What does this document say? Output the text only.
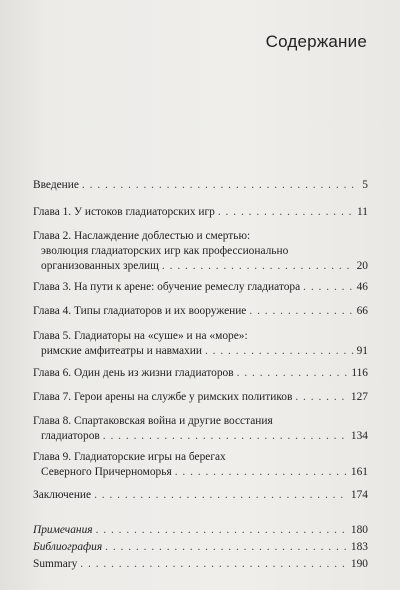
Содержание
Введение . . .	5
Глава 1. У истоков гладиаторских игр . . .	11
Глава 2. Наслаждение доблестью и смертью:
эволюция гладиаторских игр как профессионально
организованных зрелищ . . .	20
Глава 3. На пути к арене: обучение ремеслу гладиатора . . .	46
Глава 4. Типы гладиаторов и их вооружение . . .	66
Глава 5. Гладиаторы на «суше» и на «море»:
римские амфитеатры и навмахии . . .	91
Глава 6. Один день из жизни гладиаторов . . .	116
Глава 7. Герои арены на службе у римских политиков . . .	127
Глава 8. Спартаковская война и другие восстания
гладиаторов . . .	134
Глава 9. Гладиаторские игры на берегах
Северного Причерноморья . . .	161
Заключение . . .	174
Примечания . . .	180
Библиография . . .	183
Summary . . .	190
